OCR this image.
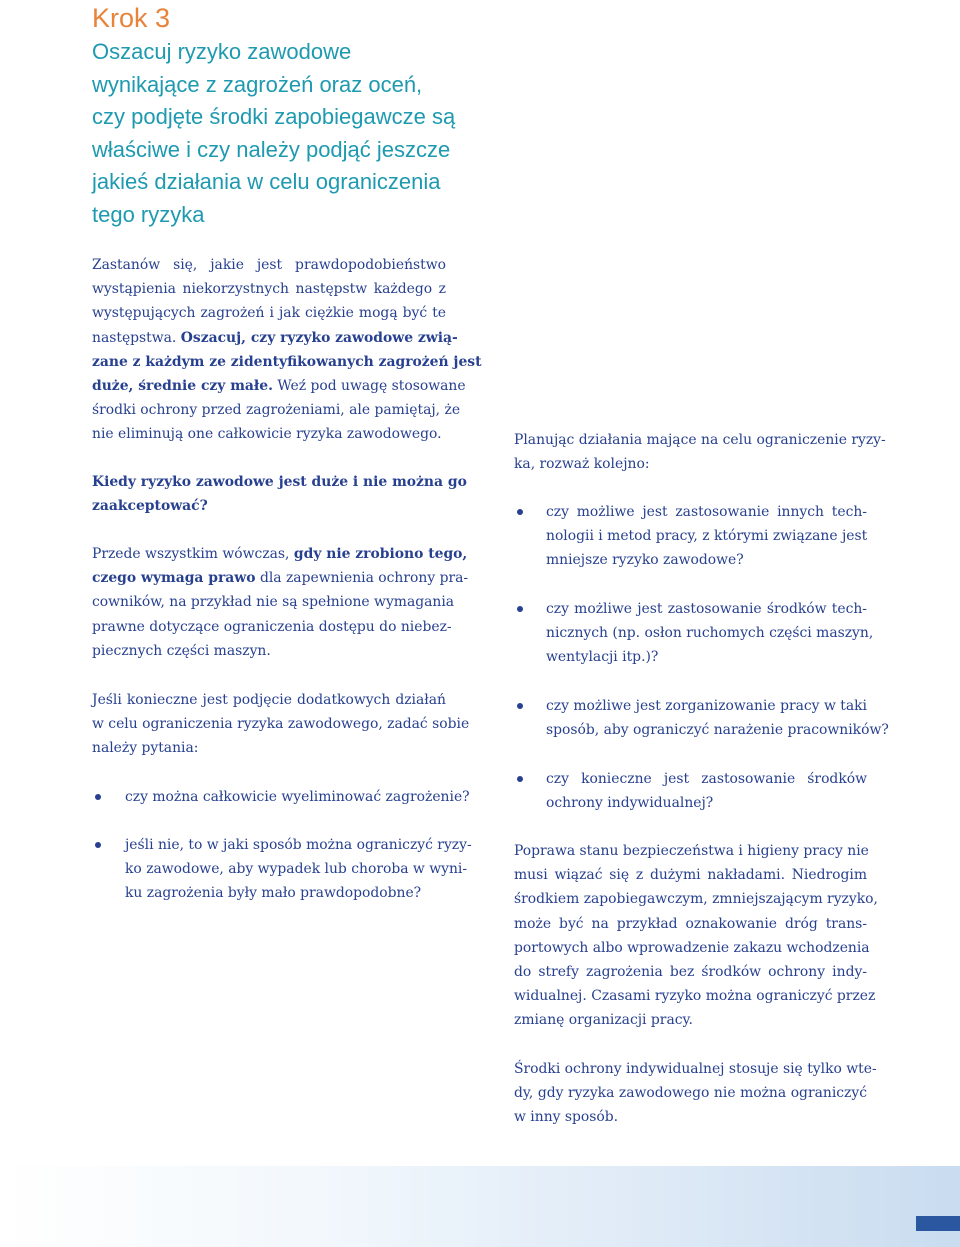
Krok 3
Oszacuj ryzyko zawodowe
wynikające z zagrożeń oraz oceń,
czy podjęte środki zapobiegawcze są
właściwe i czy należy podjąć jeszcze
jakieś działania w celu ograniczenia
tego ryzyka
Zastanów się, jakie jest prawdopodobieństwo
wystąpienia niekorzystnych następstw każdego z
występujących zagrożeń i jak ciężkie mogą być te
następstwa. Oszacuj, czy ryzyko zawodowe zwią-
zane z każdym ze zidentyfikowanych zagrożeń jest
duże, średnie czy małe. Weź pod uwagę stosowane
środki ochrony przed zagrożeniami, ale pamiętaj, że
nie eliminują one całkowicie ryzyka zawodowego.
Kiedy ryzyko zawodowe jest duże i nie można go
zaakceptować?
Przede wszystkim wówczas, gdy nie zrobiono tego,
czego wymaga prawo dla zapewnienia ochrony pra-
cowników, na przykład nie są spełnione wymagania
prawne dotyczące ograniczenia dostępu do niebez-
piecznych części maszyn.
Jeśli konieczne jest podjęcie dodatkowych działań
w celu ograniczenia ryzyka zawodowego, zadać sobie
należy pytania:
czy można całkowicie wyeliminować zagrożenie?
jeśli nie, to w jaki sposób można ograniczyć ryzy-
ko zawodowe, aby wypadek lub choroba w wyni-
ku zagrożenia były mało prawdopodobne?
Planując działania mające na celu ograniczenie ryzy-
ka, rozważ kolejno:
czy możliwe jest zastosowanie innych tech-
nologii i metod pracy, z którymi związane jest
mniejsze ryzyko zawodowe?
czy możliwe jest zastosowanie środków tech-
nicznych (np. osłon ruchomych części maszyn,
wentylacji itp.)?
czy możliwe jest zorganizowanie pracy w taki
sposób, aby ograniczyć narażenie pracowników?
czy konieczne jest zastosowanie środków
ochrony indywidualnej?
Poprawa stanu bezpieczeństwa i higieny pracy nie
musi wiązać się z dużymi nakładami. Niedrogim
środkiem zapobiegawczym, zmniejszającym ryzyko,
może być na przykład oznakowanie dróg trans-
portowych albo wprowadzenie zakazu wchodzenia
do strefy zagrożenia bez środków ochrony indy-
widualnej. Czasami ryzyko można ograniczyć przez
zmianę organizacji pracy.
Środki ochrony indywidualnej stosuje się tylko wte-
dy, gdy ryzyka zawodowego nie można ograniczyć
w inny sposób.
